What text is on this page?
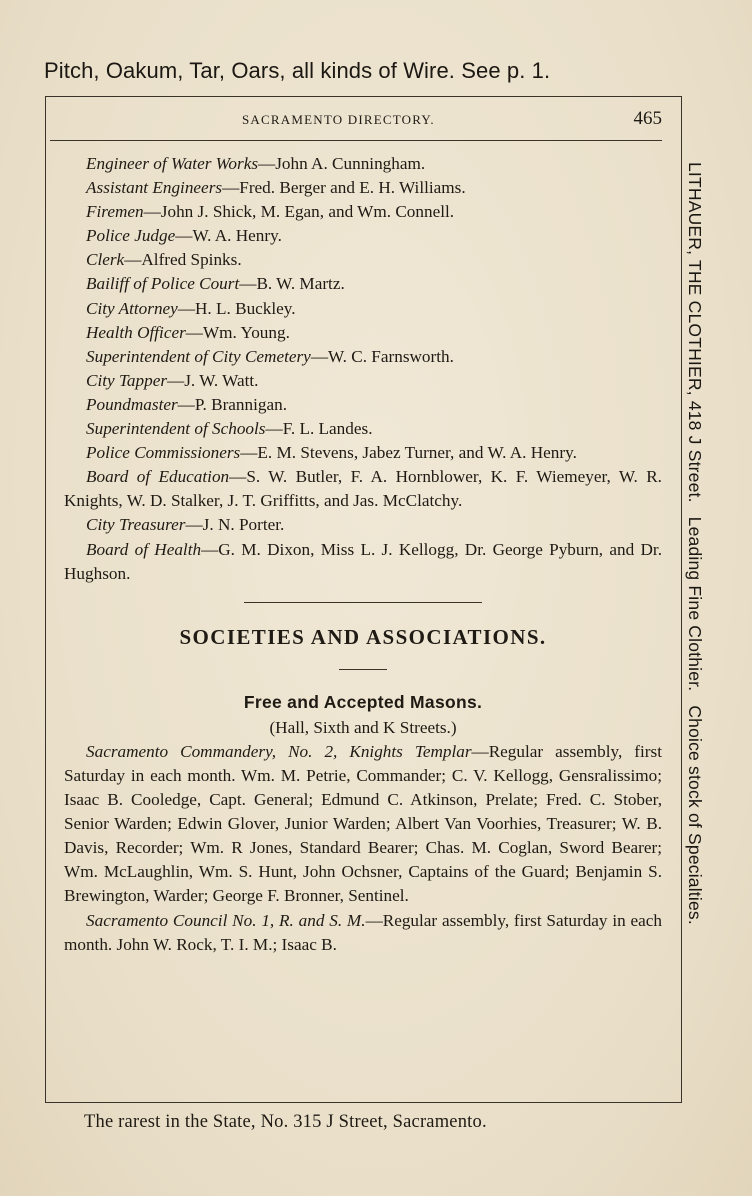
Pitch, Oakum, Tar, Oars, all kinds of Wire. See p. 1.
SACRAMENTO DIRECTORY.	465

Engineer of Water Works—John A. Cunningham.

Assistant Engineers—Fred. Berger and E. H. Williams.

Firemen—John J. Shick, M. Egan, and Wm. Connell.

Police Judge—W. A. Henry.

Clerk—Alfred Spinks.

Bailiff of Police Court—B. W. Martz.

City Attorney—H. L. Buckley.

Health Officer—Wm. Young.

Superintendent of City Cemetery—W. C. Farnsworth.

City Tapper—J. W. Watt.

Poundmaster—P. Brannigan.

Superintendent of Schools—F. L. Landes.

Police Commissioners—E. M. Stevens, Jabez Turner, and W. A. Henry.

Board of Education—S. W. Butler, F. A. Hornblower, K. F. Wiemeyer, W. R. Knights, W. D. Stalker, J. T. Griffitts, and Jas. McClatchy.

City Treasurer—J. N. Porter.

Board of Health—G. M. Dixon, Miss L. J. Kellogg, Dr. George Pyburn, and Dr. Hughson.

SOCIETIES AND ASSOCIATIONS.
Free and Accepted Masons.
(Hall, Sixth and K Streets.)

Sacramento Commandery, No. 2, Knights Templar—Regular assembly, first Saturday in each month. Wm. M. Petrie, Commander; C. V. Kellogg, Gensralissimo; Isaac B. Cooledge, Capt. General; Edmund C. Atkinson, Prelate; Fred. C. Stober, Senior Warden; Edwin Glover, Junior Warden; Albert Van Voorhies, Treasurer; W. B. Davis, Recorder; Wm. R Jones, Standard Bearer; Chas. M. Coglan, Sword Bearer; Wm. McLaughlin, Wm. S. Hunt, John Ochsner, Captains of the Guard; Benjamin S. Brewington, Warder; George F. Bronner, Sentinel.

Sacramento Council No. 1, R. and S. M.—Regular assembly, first Saturday in each month. John W. Rock, T. I. M.; Isaac B.

LITHAUER, THE CLOTHIER, 418 J Street.Leading Fine Clothier.Choice stock of Specialties.
The rarest in the State, No. 315 J Street, Sacramento.
